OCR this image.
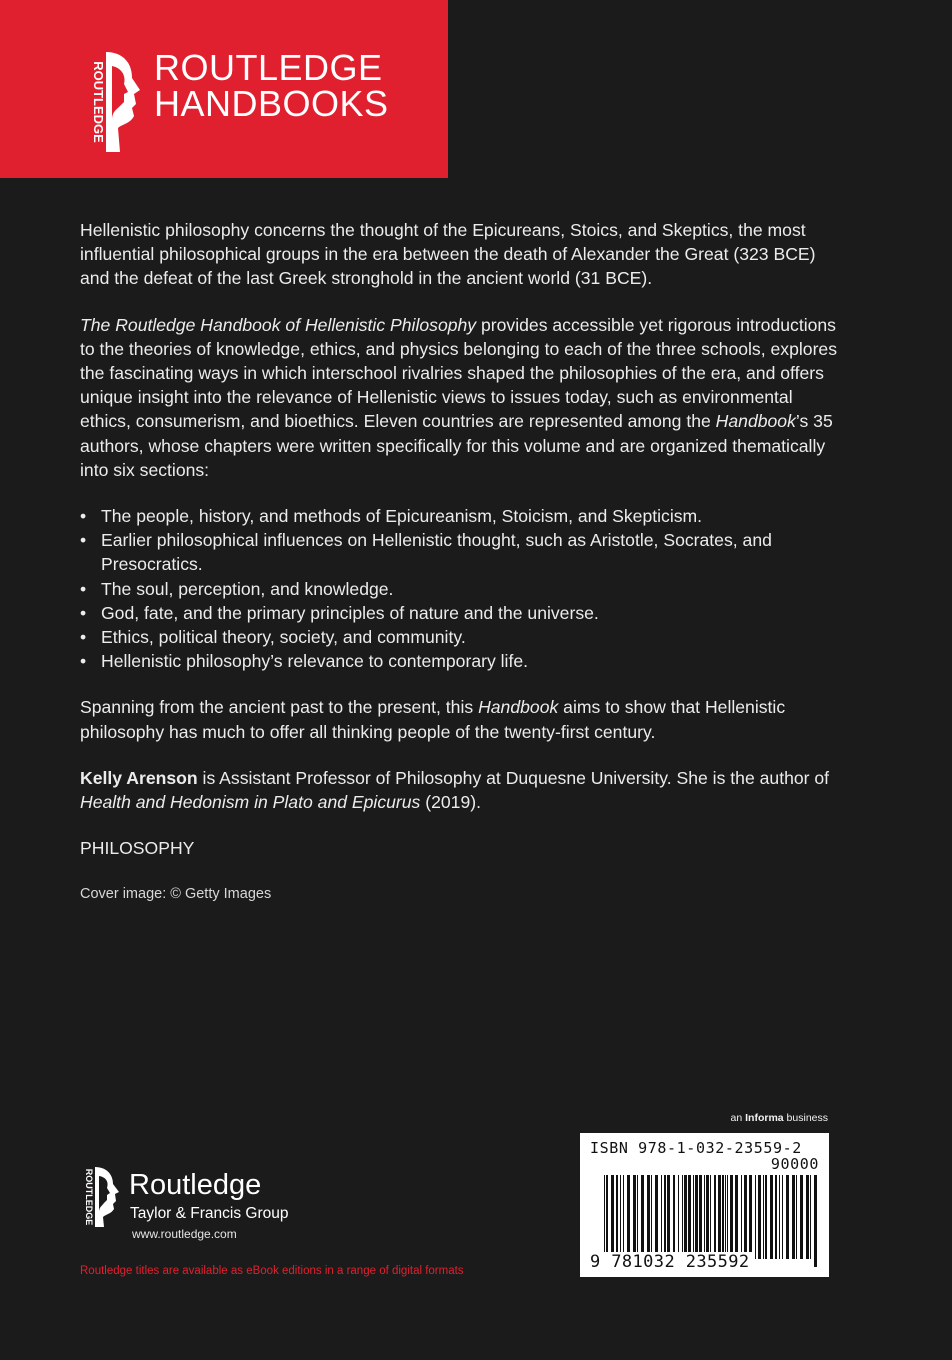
ROUTLEDGE ROUTLEDGE
HANDBOOKS

Hellenistic philosophy concerns the thought of the Epicureans, Stoics, and Skeptics, the most influential philosophical groups in the era between the death of Alexander the Great (323 BCE) and the defeat of the last Greek stronghold in the ancient world (31 BCE).

The Routledge Handbook of Hellenistic Philosophy provides accessible yet rigorous introductions to the theories of knowledge, ethics, and physics belonging to each of the three schools, explores the fascinating ways in which interschool rivalries shaped the philosophies of the era, and offers unique insight into the relevance of Hellenistic views to issues today, such as environmental ethics, consumerism, and bioethics. Eleven countries are represented among the Handbook’s 35 authors, whose chapters were written specifically for this volume and are organized thematically into six sections:

• The people, history, and methods of Epicureanism, Stoicism, and Skepticism.
• Earlier philosophical influences on Hellenistic thought, such as Aristotle, Socrates, and Presocratics.
• The soul, perception, and knowledge.
• God, fate, and the primary principles of nature and the universe.
• Ethics, political theory, society, and community.
• Hellenistic philosophy’s relevance to contemporary life.

Spanning from the ancient past to the present, this Handbook aims to show that Hellenistic philosophy has much to offer all thinking people of the twenty-first century.

Kelly Arenson is Assistant Professor of Philosophy at Duquesne University. She is the author of Health and Hedonism in Plato and Epicurus (2019).

PHILOSOPHY
Cover image: © Getty Images
an Informa business
ISBN 978-1-032-23559-2
90000
9 781032 235592
ROUTLEDGE Routledge
Taylor & Francis Group
www.routledge.com
Routledge titles are available as eBook editions in a range of digital formats
